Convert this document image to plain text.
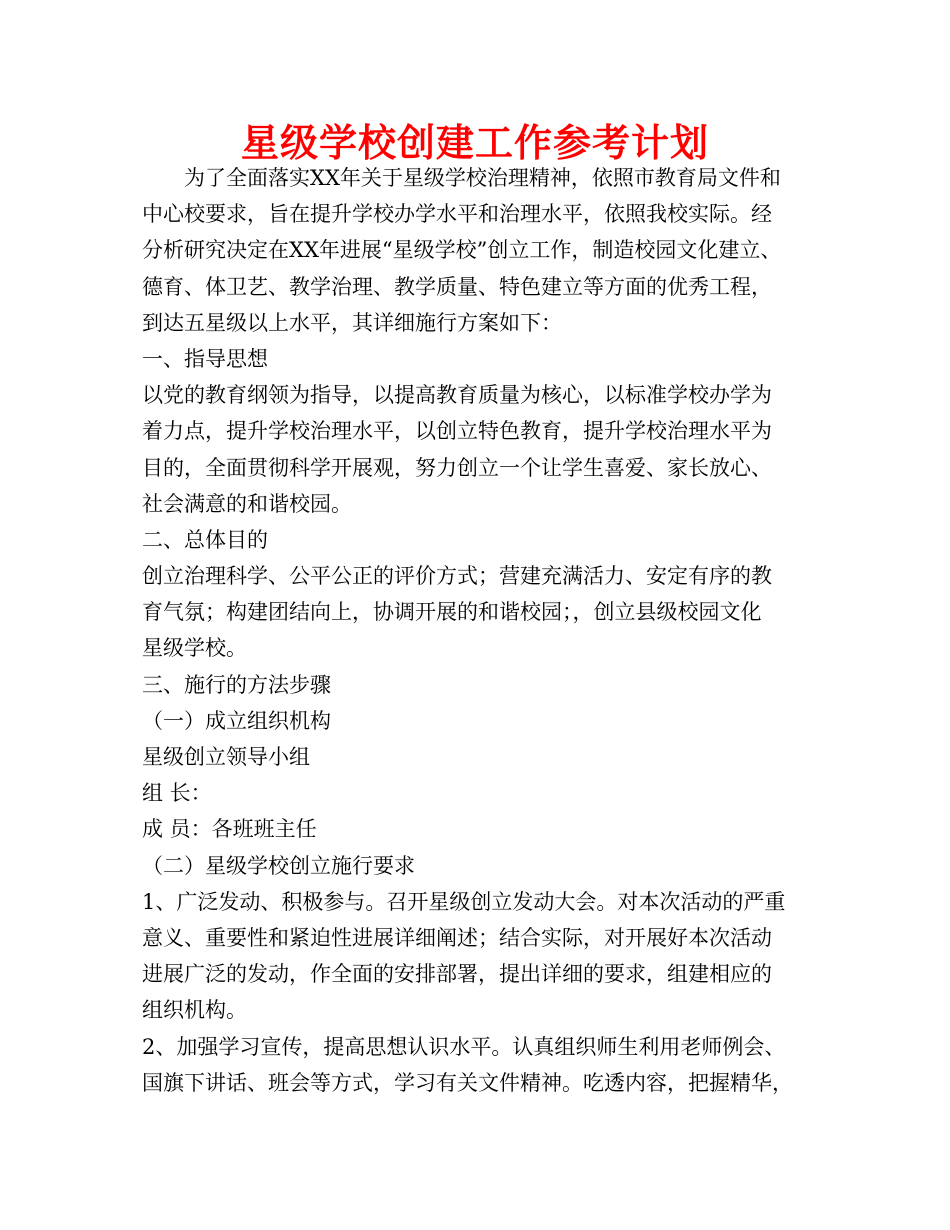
星级学校创建工作参考计划
为了全面落实XX年关于星级学校治理精神，依照市教育局文件和
中心校要求，旨在提升学校办学水平和治理水平，依照我校实际。经
分析研究决定在XX年进展“星级学校”创立工作，制造校园文化建立、
德育、体卫艺、教学治理、教学质量、特色建立等方面的优秀工程，
到达五星级以上水平，其详细施行方案如下：
一、指导思想
以党的教育纲领为指导，以提高教育质量为核心，以标准学校办学为
着力点，提升学校治理水平，以创立特色教育，提升学校治理水平为
目的，全面贯彻科学开展观，努力创立一个让学生喜爱、家长放心、
社会满意的和谐校园。
二、总体目的
创立治理科学、公平公正的评价方式；营建充满活力、安定有序的教
育气氛；构建团结向上，协调开展的和谐校园；，创立县级校园文化
星级学校。
三、施行的方法步骤
（一）成立组织机构
星级创立领导小组
组 长：
成 员：各班班主任
（二）星级学校创立施行要求
1、广泛发动、积极参与。召开星级创立发动大会。对本次活动的严重
意义、重要性和紧迫性进展详细阐述；结合实际，对开展好本次活动
进展广泛的发动，作全面的安排部署，提出详细的要求，组建相应的
组织机构。
2、加强学习宣传，提高思想认识水平。认真组织师生利用老师例会、
国旗下讲话、班会等方式，学习有关文件精神。吃透内容，把握精华，
